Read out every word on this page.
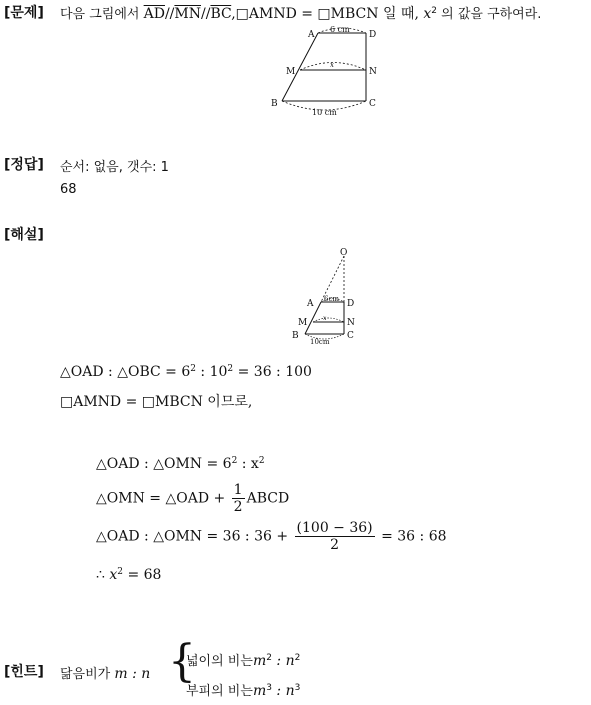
[문제] 다음 그림에서 $\overline{AD}//\overline{MN}//\overline{BC},□AMND$ = □MBCN 일 때, $x^2$ 의 값을 구하여라.
A	D
M	N
B	C
6 cm
x
10 cm
[정답] 순서: 없음, 갯수: 1
68
[해설]
O
A	D
M	N
B	C
6cm
x
10cm
△OAD : △OBC = $6^2$ : $10^2 = 36$ : 100
□AMND = □MBCN 이므로,
△OAD : △OMN = $6^2$ : $x^2$
△OMN = △OAD + $\frac{1}{2}$ ABCD
△OAD : △OMN = 36 : $36 + \frac{(100 - 36)}{2} = 36$ : 68
∴ $x^2 = 68$
[힌트] 닮음비가 m : n {
넓이의 비는$m^2$ : $n^2$
부피의 비는$m^3$ : $n^3$
